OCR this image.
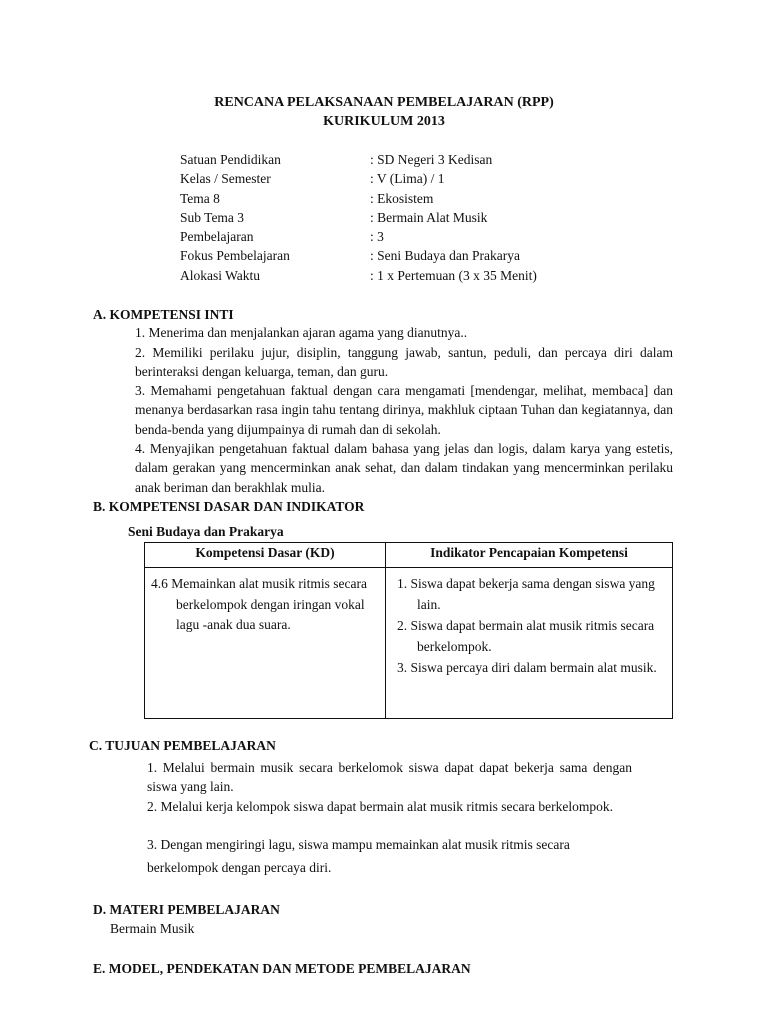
RENCANA PELAKSANAAN PEMBELAJARAN (RPP)
KURIKULUM 2013
Satuan Pendidikan	: SD Negeri 3 Kedisan
Kelas / Semester	: V (Lima) / 1
Tema 8	: Ekosistem
Sub Tema 3	: Bermain Alat Musik
Pembelajaran	: 3
Fokus Pembelajaran	: Seni Budaya dan Prakarya
Alokasi Waktu	: 1 x Pertemuan (3 x 35 Menit)
A. KOMPETENSI INTI
1. Menerima dan menjalankan ajaran agama yang dianutnya..
2. Memiliki perilaku jujur, disiplin, tanggung jawab, santun, peduli, dan percaya diri dalam berinteraksi dengan keluarga, teman, dan guru.
3. Memahami pengetahuan faktual dengan cara mengamati [mendengar, melihat, membaca] dan menanya berdasarkan rasa ingin tahu tentang dirinya, makhluk ciptaan Tuhan dan kegiatannya, dan benda-benda yang dijumpainya di rumah dan di sekolah.
4. Menyajikan pengetahuan faktual dalam bahasa yang jelas dan logis, dalam karya yang estetis, dalam gerakan yang mencerminkan anak sehat, dan dalam tindakan yang mencerminkan perilaku anak beriman dan berakhlak mulia.
B. KOMPETENSI DASAR DAN INDIKATOR
Seni Budaya dan Prakarya
Kompetensi Dasar (KD)	Indikator Pencapaian Kompetensi

4.6 Memainkan alat musik ritmis secara berkelompok dengan iringan vokal lagu -anak dua suara.	1. Siswa dapat bekerja sama dengan siswa yang lain.
2. Siswa dapat bermain alat musik ritmis secara berkelompok.
3. Siswa percaya diri dalam bermain alat musik.
C. TUJUAN PEMBELAJARAN
1. Melalui bermain musik secara berkelomok siswa dapat dapat bekerja sama dengan siswa yang lain.
2. Melalui kerja kelompok siswa dapat bermain alat musik ritmis secara berkelompok.
3. Dengan mengiringi lagu, siswa mampu memainkan alat musik ritmis secara
berkelompok dengan percaya diri.
D. MATERI PEMBELAJARAN
Bermain Musik
E. MODEL, PENDEKATAN DAN METODE PEMBELAJARAN
